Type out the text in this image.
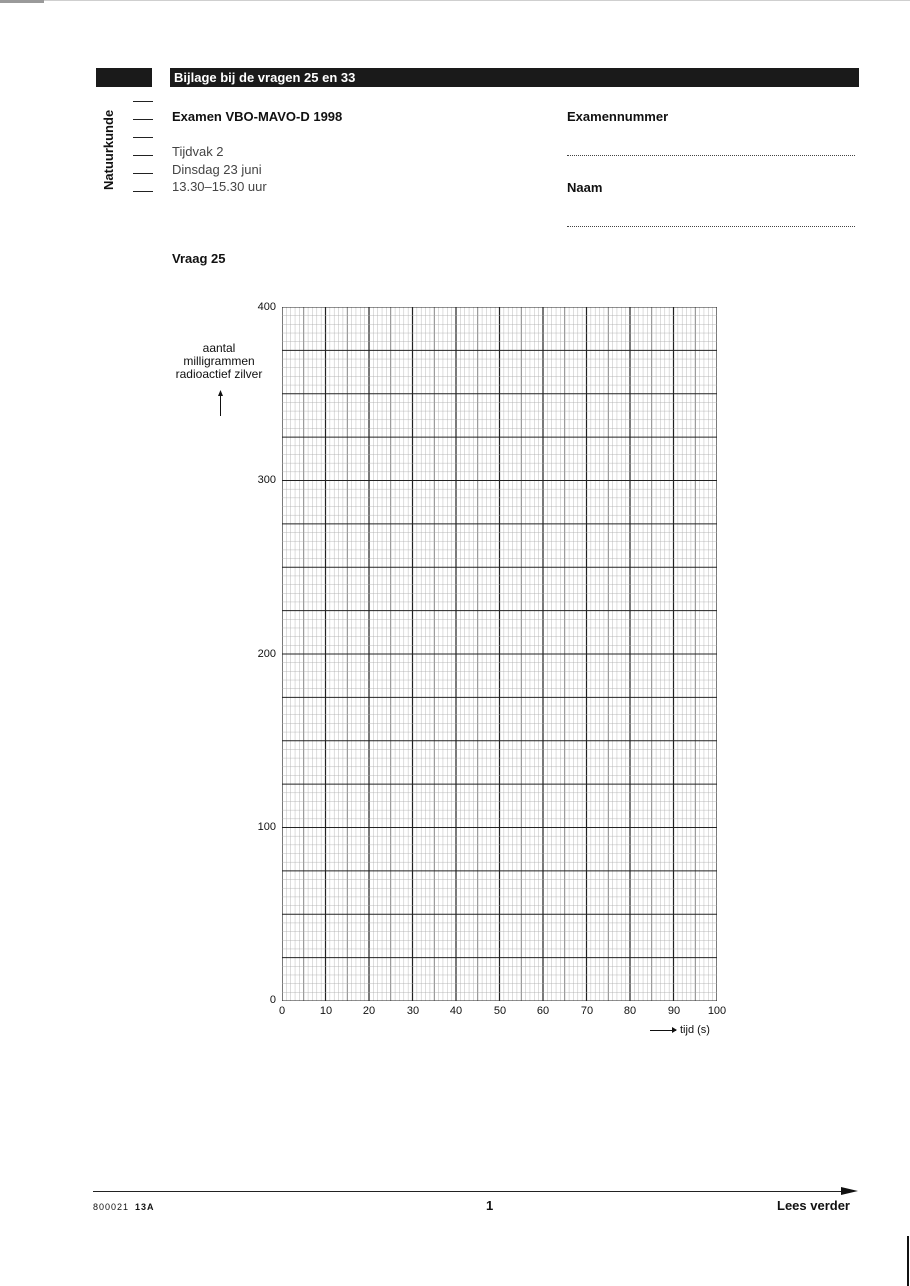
Bijlage bij de vragen 25 en 33
Natuurkunde	Examen VBO-MAVO-D 1998
Tijdvak 2
Dinsdag 23 juni
13.30–15.30 uur
Examennummer
Naam
Vraag 25
aantal
milligrammen
radioactief zilver
0
100
200
300
400
0	10	20	30	40	50	60	70	80	90	100
tijd (s)
800021 13A	1	Lees verder
